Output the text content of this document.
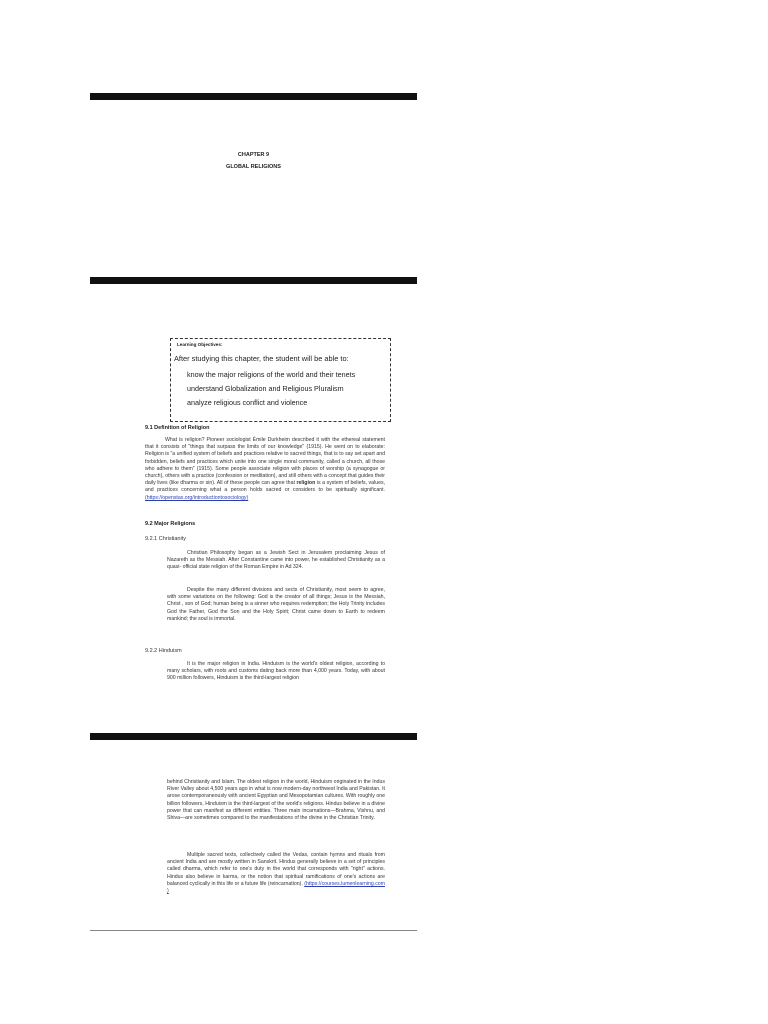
CHAPTER 9
GLOBAL RELIGIONS
Learning Objectives:
After studying this chapter, the student will be able to:
know the major religions of the world and their tenets
understand Globalization and Religious Pluralism
analyze religious conflict and violence
9.1 Definition of Religion
What is religion? Pioneer sociologist Émile Durkheim described it with the ethereal statement that it consists of "things that surpass the limits of our knowledge" (1915). He went on to elaborate: Religion is "a unified system of beliefs and practices relative to sacred things, that is to say set apart and forbidden, beliefs and practices which unite into one single moral community, called a church, all those who adhere to them" (1915). Some people associate religion with places of worship (a synagogue or church), others with a practice (confession or meditation), and still others with a concept that guides their daily lives (like dharma or sin). All of these people can agree that religion is a system of beliefs, values, and practices concerning what a person holds sacred or considers to be spiritually significant. (https://openstax.org/introductiontosociology)
9.2 Major Religions
9.2.1 Christianity
Christian Philosophy began as a Jewish Sect in Jerusalem proclaiming Jesus of Nazareth as the Messiah. After Constantine came into power, he established Christianity as a quasi- official state religion of the Roman Empire in Ad 324.
Despite the many different divisions and sects of Christianity, most seem to agree, with some variations on the following: God is the creator of all things; Jesus is the Messiah, Christ , son of God; human being is a sinner who requires redemption; the Holy Trinity includes God the Father, God the Son and the Holy Spirit; Christ came down to Earth to redeem mankind; the soul is immortal.
9.2.2 Hinduism
It is the major religion in India. Hinduism is the world's oldest religion, according to many scholars, with roots and customs dating back more than 4,000 years. Today, with about 900 million followers, Hinduism is the third-largest religion
behind Christianity and Islam. The oldest religion in the world, Hinduism originated in the Indus River Valley about 4,500 years ago in what is now modern-day northwest India and Pakistan. It arose contemporaneously with ancient Egyptian and Mesopotamian cultures. With roughly one billion followers, Hinduism is the third-largest of the world's religions. Hindus believe in a divine power that can manifest as different entities. Three main incarnations—Brahma, Vishnu, and Shiva—are sometimes compared to the manifestations of the divine in the Christian Trinity.
Multiple sacred texts, collectively called the Vedas, contain hymns and rituals from ancient India and are mostly written in Sanskrit. Hindus generally believe in a set of principles called dharma, which refer to one's duty in the world that corresponds with "right" actions. Hindus also believe in karma, or the notion that spiritual ramifications of one's actions are balanced cyclically in this life or a future life (reincarnation). (https://courses.lumenlearning.com )
